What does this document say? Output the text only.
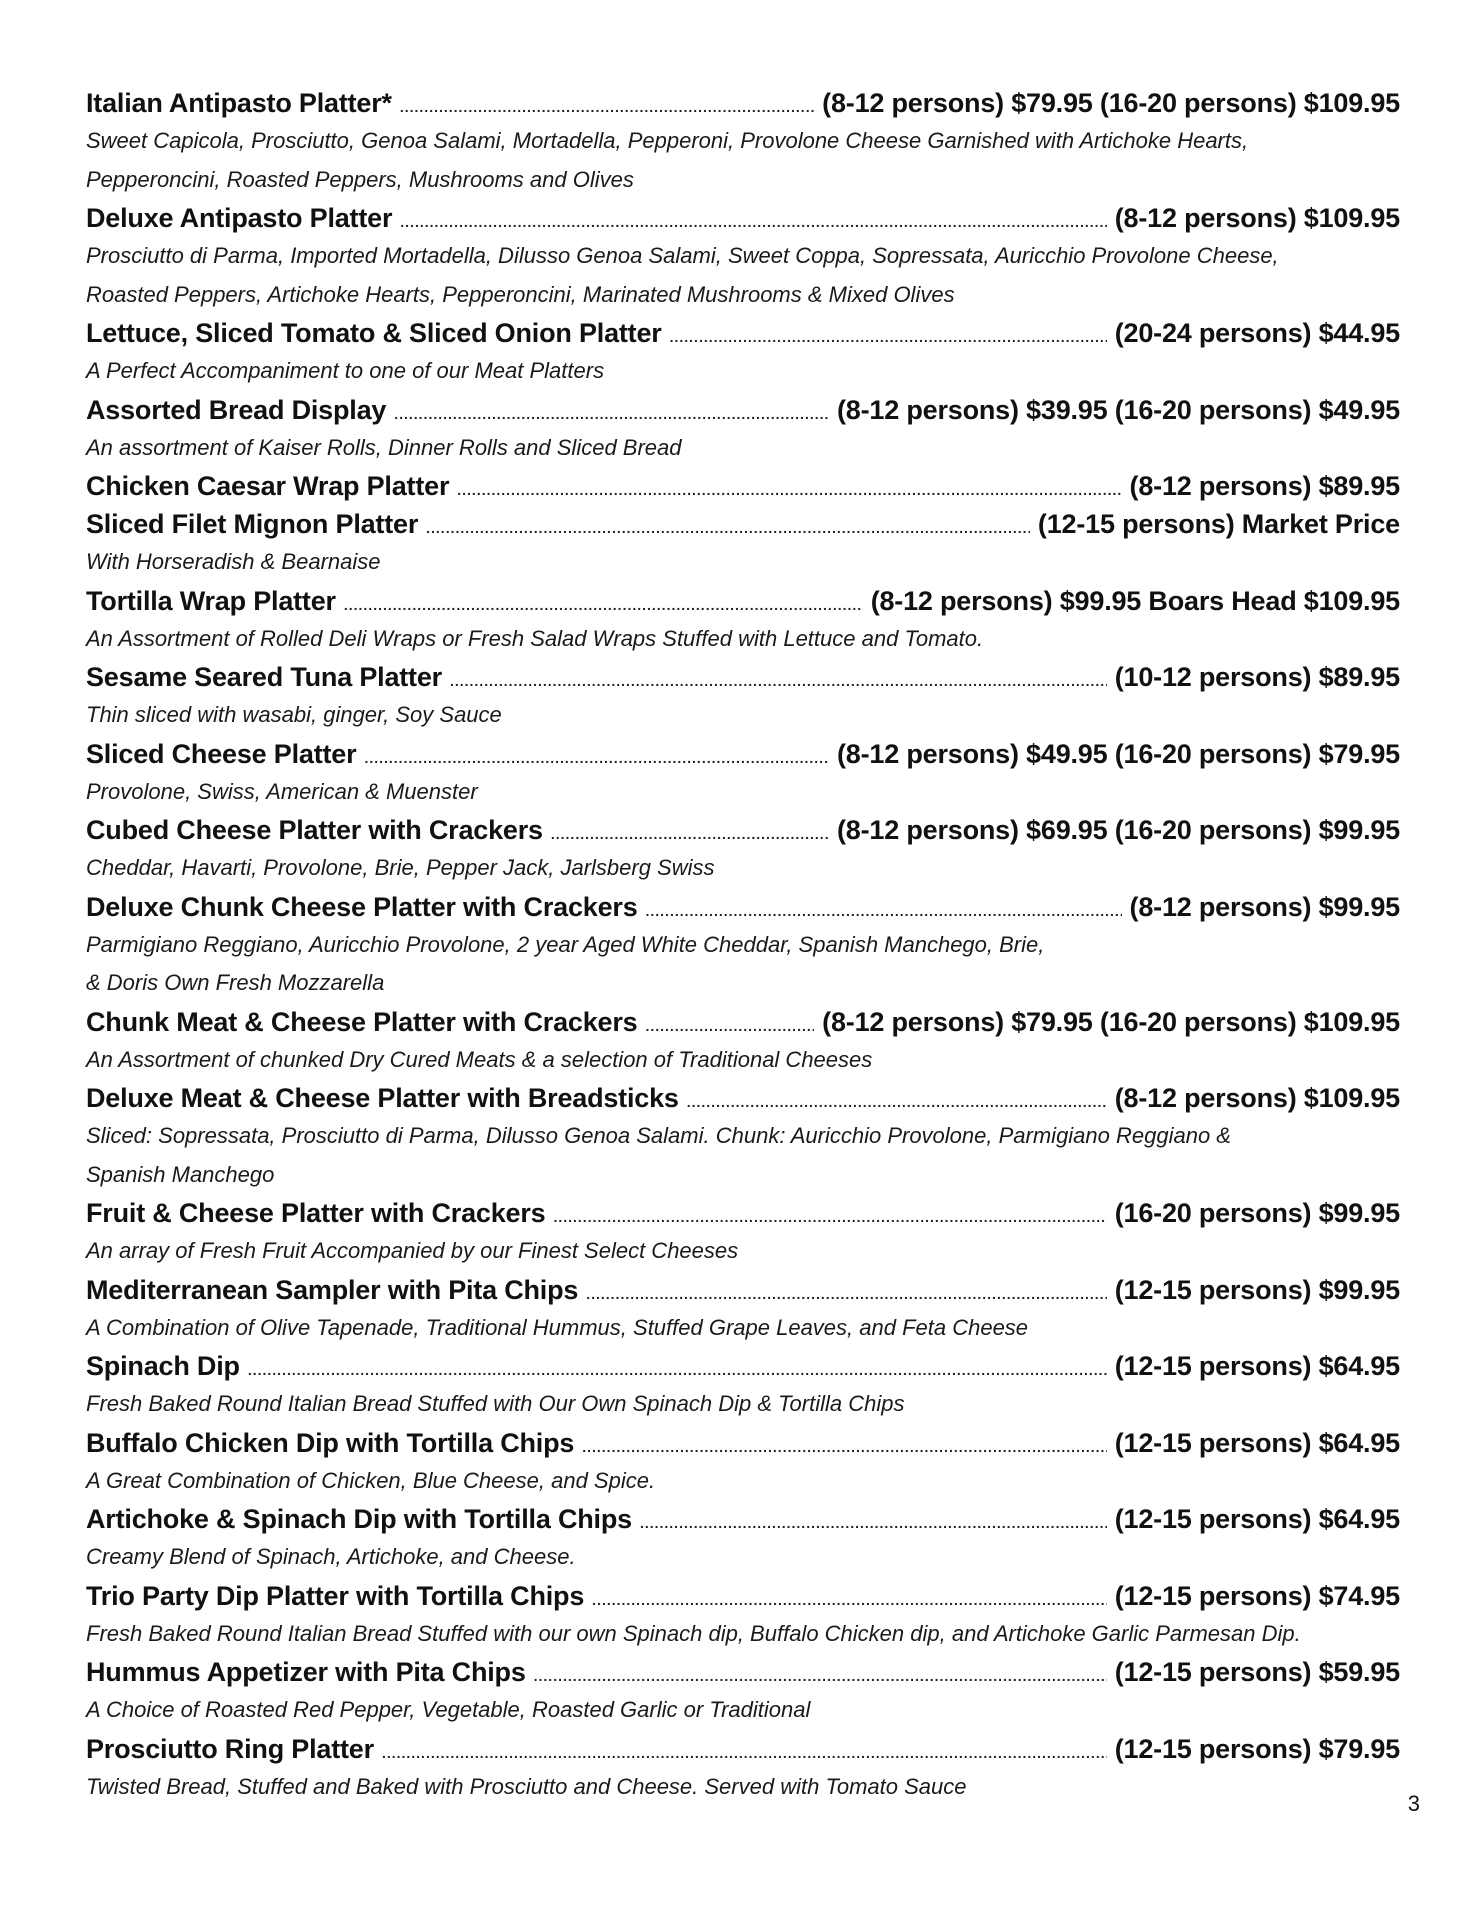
Italian Antipasto Platter* .....	(8-12 persons) $79.95 (16-20 persons) $109.95
Sweet Capicola, Prosciutto, Genoa Salami, Mortadella, Pepperoni, Provolone Cheese Garnished with Artichoke Hearts,
Pepperoncini, Roasted Peppers, Mushrooms and Olives
Deluxe Antipasto Platter .....	(8-12 persons) $109.95
Prosciutto di Parma, Imported Mortadella, Dilusso Genoa Salami, Sweet Coppa, Sopressata, Auricchio Provolone Cheese,
Roasted Peppers, Artichoke Hearts, Pepperoncini, Marinated Mushrooms & Mixed Olives
Lettuce, Sliced Tomato & Sliced Onion Platter .....	(20-24 persons) $44.95
A Perfect Accompaniment to one of our Meat Platters
Assorted Bread Display .....	(8-12 persons) $39.95 (16-20 persons) $49.95
An assortment of Kaiser Rolls, Dinner Rolls and Sliced Bread
Chicken Caesar Wrap Platter .....	(8-12 persons) $89.95
Sliced Filet Mignon Platter .....	(12-15 persons) Market Price
With Horseradish & Bearnaise
Tortilla Wrap Platter .....	(8-12 persons) $99.95 Boars Head $109.95
An Assortment of Rolled Deli Wraps or Fresh Salad Wraps Stuffed with Lettuce and Tomato.
Sesame Seared Tuna Platter .....	(10-12 persons) $89.95
Thin sliced with wasabi, ginger, Soy Sauce
Sliced Cheese Platter .....	(8-12 persons) $49.95 (16-20 persons) $79.95
Provolone, Swiss, American & Muenster
Cubed Cheese Platter with Crackers .....	(8-12 persons) $69.95 (16-20 persons) $99.95
Cheddar, Havarti, Provolone, Brie, Pepper Jack, Jarlsberg Swiss
Deluxe Chunk Cheese Platter with Crackers .....	(8-12 persons) $99.95
Parmigiano Reggiano, Auricchio Provolone, 2 year Aged White Cheddar, Spanish Manchego, Brie,
& Doris Own Fresh Mozzarella
Chunk Meat & Cheese Platter with Crackers .....	(8-12 persons) $79.95 (16-20 persons) $109.95
An Assortment of chunked Dry Cured Meats & a selection of Traditional Cheeses
Deluxe Meat & Cheese Platter with Breadsticks .....	(8-12 persons) $109.95
Sliced: Sopressata, Prosciutto di Parma, Dilusso Genoa Salami. Chunk: Auricchio Provolone, Parmigiano Reggiano &
Spanish Manchego
Fruit & Cheese Platter with Crackers .....	(16-20 persons) $99.95
An array of Fresh Fruit Accompanied by our Finest Select Cheeses
Mediterranean Sampler with Pita Chips .....	(12-15 persons) $99.95
A Combination of Olive Tapenade, Traditional Hummus, Stuffed Grape Leaves, and Feta Cheese
Spinach Dip .....	(12-15 persons) $64.95
Fresh Baked Round Italian Bread Stuffed with Our Own Spinach Dip & Tortilla Chips
Buffalo Chicken Dip with Tortilla Chips .....	(12-15 persons) $64.95
A Great Combination of Chicken, Blue Cheese, and Spice.
Artichoke & Spinach Dip with Tortilla Chips .....	(12-15 persons) $64.95
Creamy Blend of Spinach, Artichoke, and Cheese.
Trio Party Dip Platter with Tortilla Chips .....	(12-15 persons) $74.95
Fresh Baked Round Italian Bread Stuffed with our own Spinach dip, Buffalo Chicken dip, and Artichoke Garlic Parmesan Dip.
Hummus Appetizer with Pita Chips .....	(12-15 persons) $59.95
A Choice of Roasted Red Pepper, Vegetable, Roasted Garlic or Traditional
Prosciutto Ring Platter .....	(12-15 persons) $79.95
Twisted Bread, Stuffed and Baked with Prosciutto and Cheese. Served with Tomato Sauce
3
